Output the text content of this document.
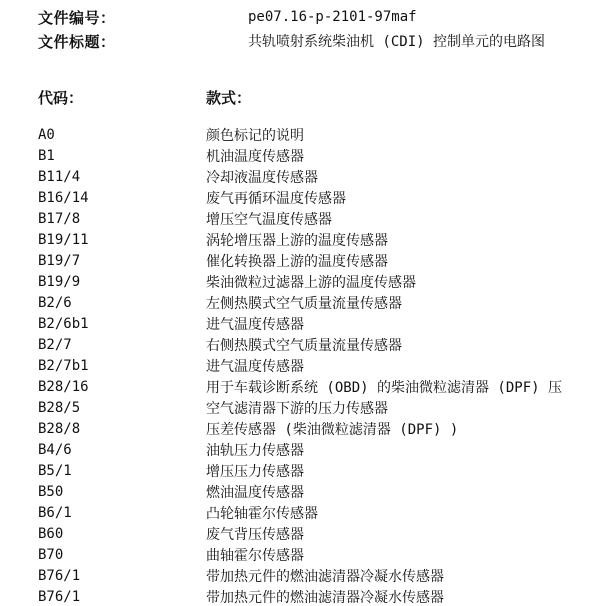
文件编号：	pe07.16-p-2101-97maf
文件标题：	共轨喷射系统柴油机 (CDI) 控制单元的电路图
代码：	款式：
A0	颜色标记的说明
B1	机油温度传感器
B11/4	冷却液温度传感器
B16/14	废气再循环温度传感器
B17/8	增压空气温度传感器
B19/11	涡轮增压器上游的温度传感器
B19/7	催化转换器上游的温度传感器
B19/9	柴油微粒过滤器上游的温度传感器
B2/6	左侧热膜式空气质量流量传感器
B2/6b1	进气温度传感器
B2/7	右侧热膜式空气质量流量传感器
B2/7b1	进气温度传感器
B28/16	用于车载诊断系统 (OBD) 的柴油微粒滤清器 (DPF) 压
B28/5	空气滤清器下游的压力传感器
B28/8	压差传感器 (柴油微粒滤清器 (DPF) )
B4/6	油轨压力传感器
B5/1	增压压力传感器
B50	燃油温度传感器
B6/1	凸轮轴霍尔传感器
B60	废气背压传感器
B70	曲轴霍尔传感器
B76/1	带加热元件的燃油滤清器冷凝水传感器
B76/1	带加热元件的燃油滤清器冷凝水传感器
